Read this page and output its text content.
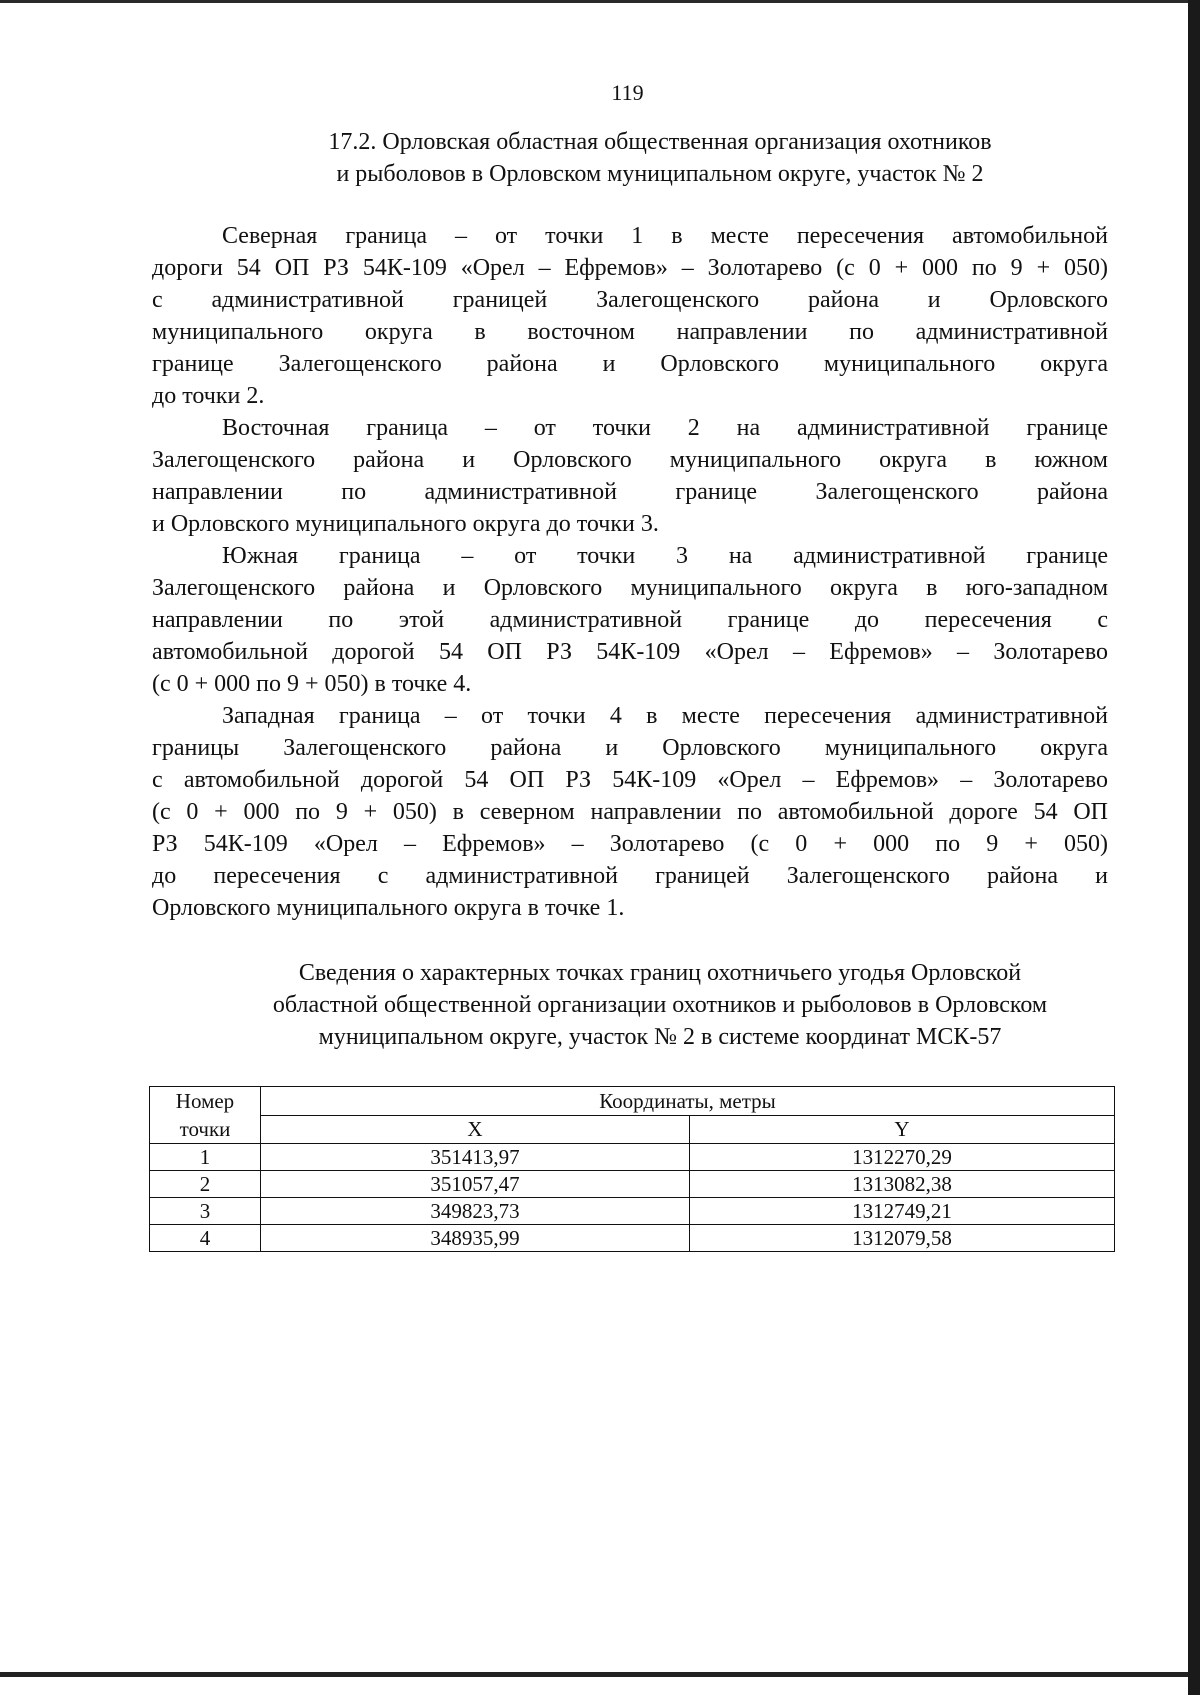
119
17.2. Орловская областная общественная организация охотников
и рыболовов в Орловском муниципальном округе, участок № 2

Северная граница – от точки 1 в месте пересечения автомобильной
дороги 54 ОП РЗ 54К-109 «Орел – Ефремов» – Золотарево (с 0 + 000 по 9 + 050)
с административной границей Залегощенского района и Орловского
муниципального округа в восточном направлении по административной
границе Залегощенского района и Орловского муниципального округа
до точки 2.

Восточная граница – от точки 2 на административной границе
Залегощенского района и Орловского муниципального округа в южном
направлении по административной границе Залегощенского района
и Орловского муниципального округа до точки 3.

Южная граница – от точки 3 на административной границе
Залегощенского района и Орловского муниципального округа в юго-западном
направлении по этой административной границе до пересечения с
автомобильной дорогой 54 ОП РЗ 54К-109 «Орел – Ефремов» – Золотарево
(с 0 + 000 по 9 + 050) в точке 4.

Западная граница – от точки 4 в месте пересечения административной
границы Залегощенского района и Орловского муниципального округа
с автомобильной дорогой 54 ОП РЗ 54К-109 «Орел – Ефремов» – Золотарево
(с 0 + 000 по 9 + 050) в северном направлении по автомобильной дороге 54 ОП
РЗ 54К-109 «Орел – Ефремов» – Золотарево (с 0 + 000 по 9 + 050)
до пересечения с административной границей Залегощенского района и
Орловского муниципального округа в точке 1.

Сведения о характерных точках границ охотничьего угодья Орловской
областной общественной организации охотников и рыболовов в Орловском
муниципальном округе, участок № 2 в системе координат МСК-57
Номер
точки	Координаты, метры	
	X	Y
1	351413,97	1312270,29
2	351057,47	1313082,38
3	349823,73	1312749,21
4	348935,99	1312079,58
